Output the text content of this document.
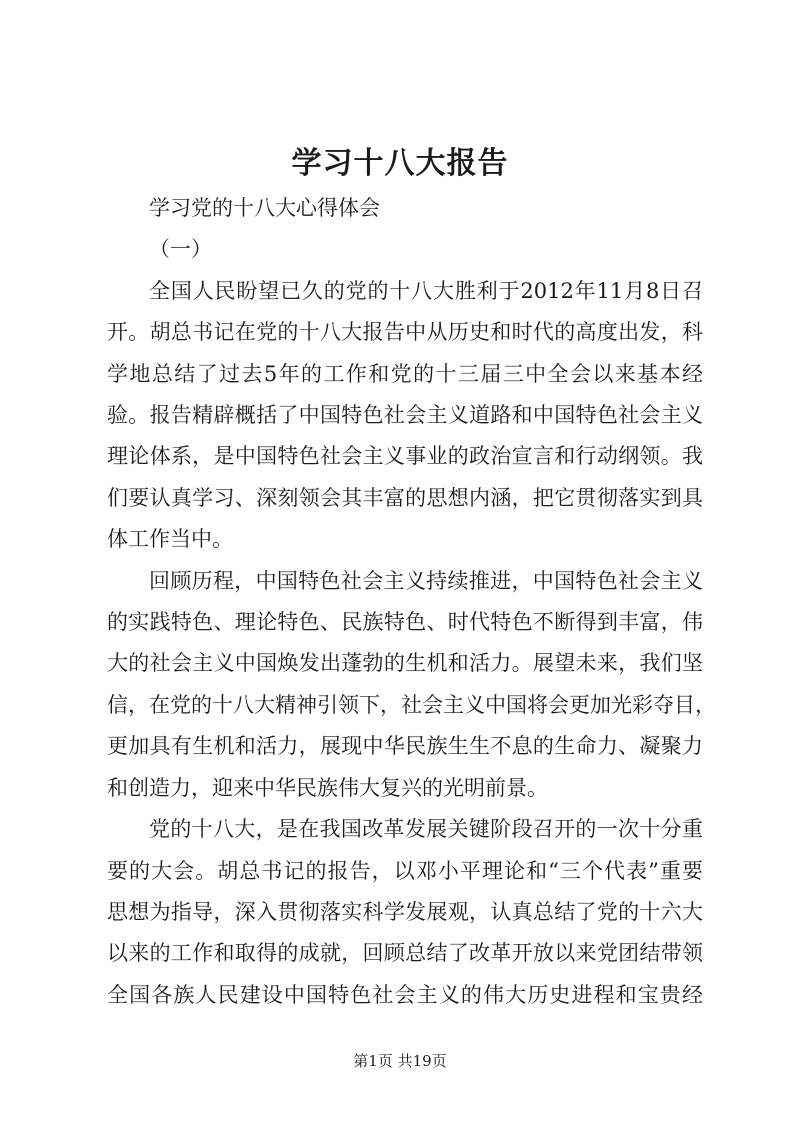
学习十八大报告
学习党的十八大心得体会
（一）
全国人民盼望已久的党的十八大胜利于2012年11月8日召
开。胡总书记在党的十八大报告中从历史和时代的高度出发，科
学地总结了过去5年的工作和党的十三届三中全会以来基本经
验。报告精辟概括了中国特色社会主义道路和中国特色社会主义
理论体系，是中国特色社会主义事业的政治宣言和行动纲领。我
们要认真学习、深刻领会其丰富的思想内涵，把它贯彻落实到具
体工作当中。
回顾历程，中国特色社会主义持续推进，中国特色社会主义
的实践特色、理论特色、民族特色、时代特色不断得到丰富，伟
大的社会主义中国焕发出蓬勃的生机和活力。展望未来，我们坚
信，在党的十八大精神引领下，社会主义中国将会更加光彩夺目，
更加具有生机和活力，展现中华民族生生不息的生命力、凝聚力
和创造力，迎来中华民族伟大复兴的光明前景。
党的十八大，是在我国改革发展关键阶段召开的一次十分重
要的大会。胡总书记的报告，以邓小平理论和“三个代表”重要
思想为指导，深入贯彻落实科学发展观，认真总结了党的十六大
以来的工作和取得的成就，回顾总结了改革开放以来党团结带领
全国各族人民建设中国特色社会主义的伟大历史进程和宝贵经
第1页 共19页
